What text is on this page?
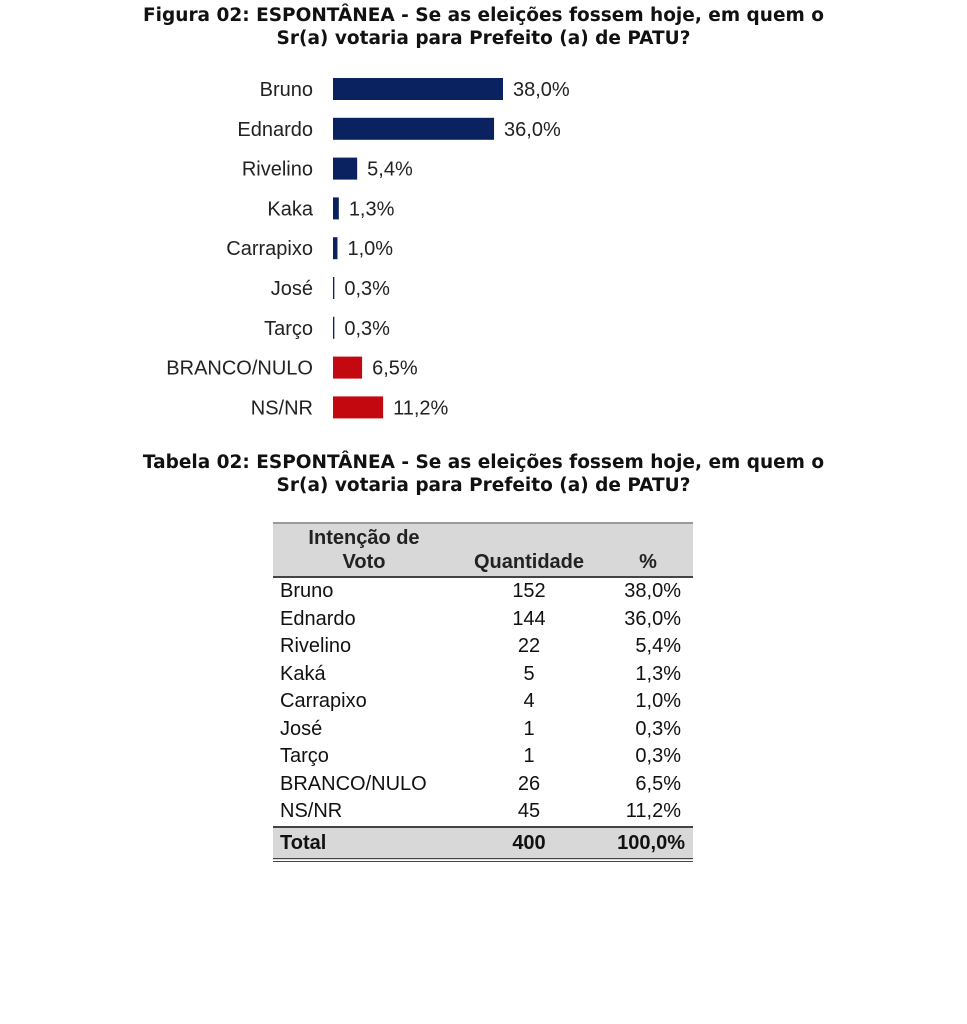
Figura 02: ESPONTÂNEA - Se as eleições fossem hoje, em quem o
Sr(a) votaria para Prefeito (a) de PATU?
Bruno	38,0%
Ednardo	36,0%
Rivelino	5,4%
Kaka 1,3%
Carrapixo 1,0%
José 0,3%
Tarço 0,3%
BRANCO/NULO	6,5%
NS/NR	11,2%
Tabela 02: ESPONTÂNEA - Se as eleições fossem hoje, em quem o
Sr(a) votaria para Prefeito (a) de PATU?
Intenção de
Voto	Quantidade	%
Bruno	152	38,0%
Ednardo	144	36,0%
Rivelino	22	5,4%
Kaká	5	1,3%
Carrapixo	4	1,0%
José	1	0,3%
Tarço	1	0,3%
BRANCO/NULO	26	6,5%
NS/NR	45	11,2%
Total	400	100,0%
